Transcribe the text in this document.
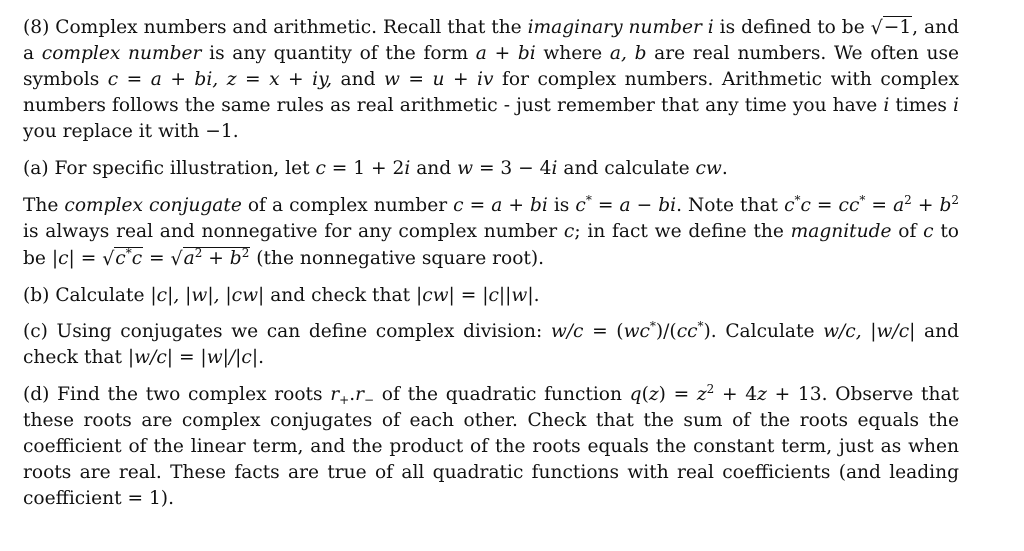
(8) Complex numbers and arithmetic. Recall that the imaginary number i is defined to be √−1, and a complex number is any quantity of the form a + bi where a, b are real numbers. We often use symbols c = a + bi, z = x + iy, and w = u + iv for complex numbers. Arithmetic with complex numbers follows the same rules as real arithmetic - just remember that any time you have i times i you replace it with −1.

(a) For specific illustration, let c = 1 + 2i and w = 3 − 4i and calculate cw.

The complex conjugate of a complex number c = a + bi is c* = a − bi. Note that $c^*c = cc^* = a^2 + b^2$ is always real and nonnegative for any complex number c; in fact we define the magnitude of c to be $|c| = √c^*c = √a^2 + b^2$ (the nonnegative square root).

(b) Calculate |c|, |w|, |cw| and check that |cw| = |c||w|.

(c) Using conjugates we can define complex division: w/c = (wc*)/(cc*). Calculate w/c, |w/c| and check that |w/c| = |w|/|c|.

(d) Find the two complex roots $r_+.r_-$ of the quadratic function $q(z) = z^2 + 4z + 13$. Observe that these roots are complex conjugates of each other. Check that the sum of the roots equals the coefficient of the linear term, and the product of the roots equals the constant term, just as when roots are real. These facts are true of all quadratic functions with real coefficients (and leading coefficient = 1).
